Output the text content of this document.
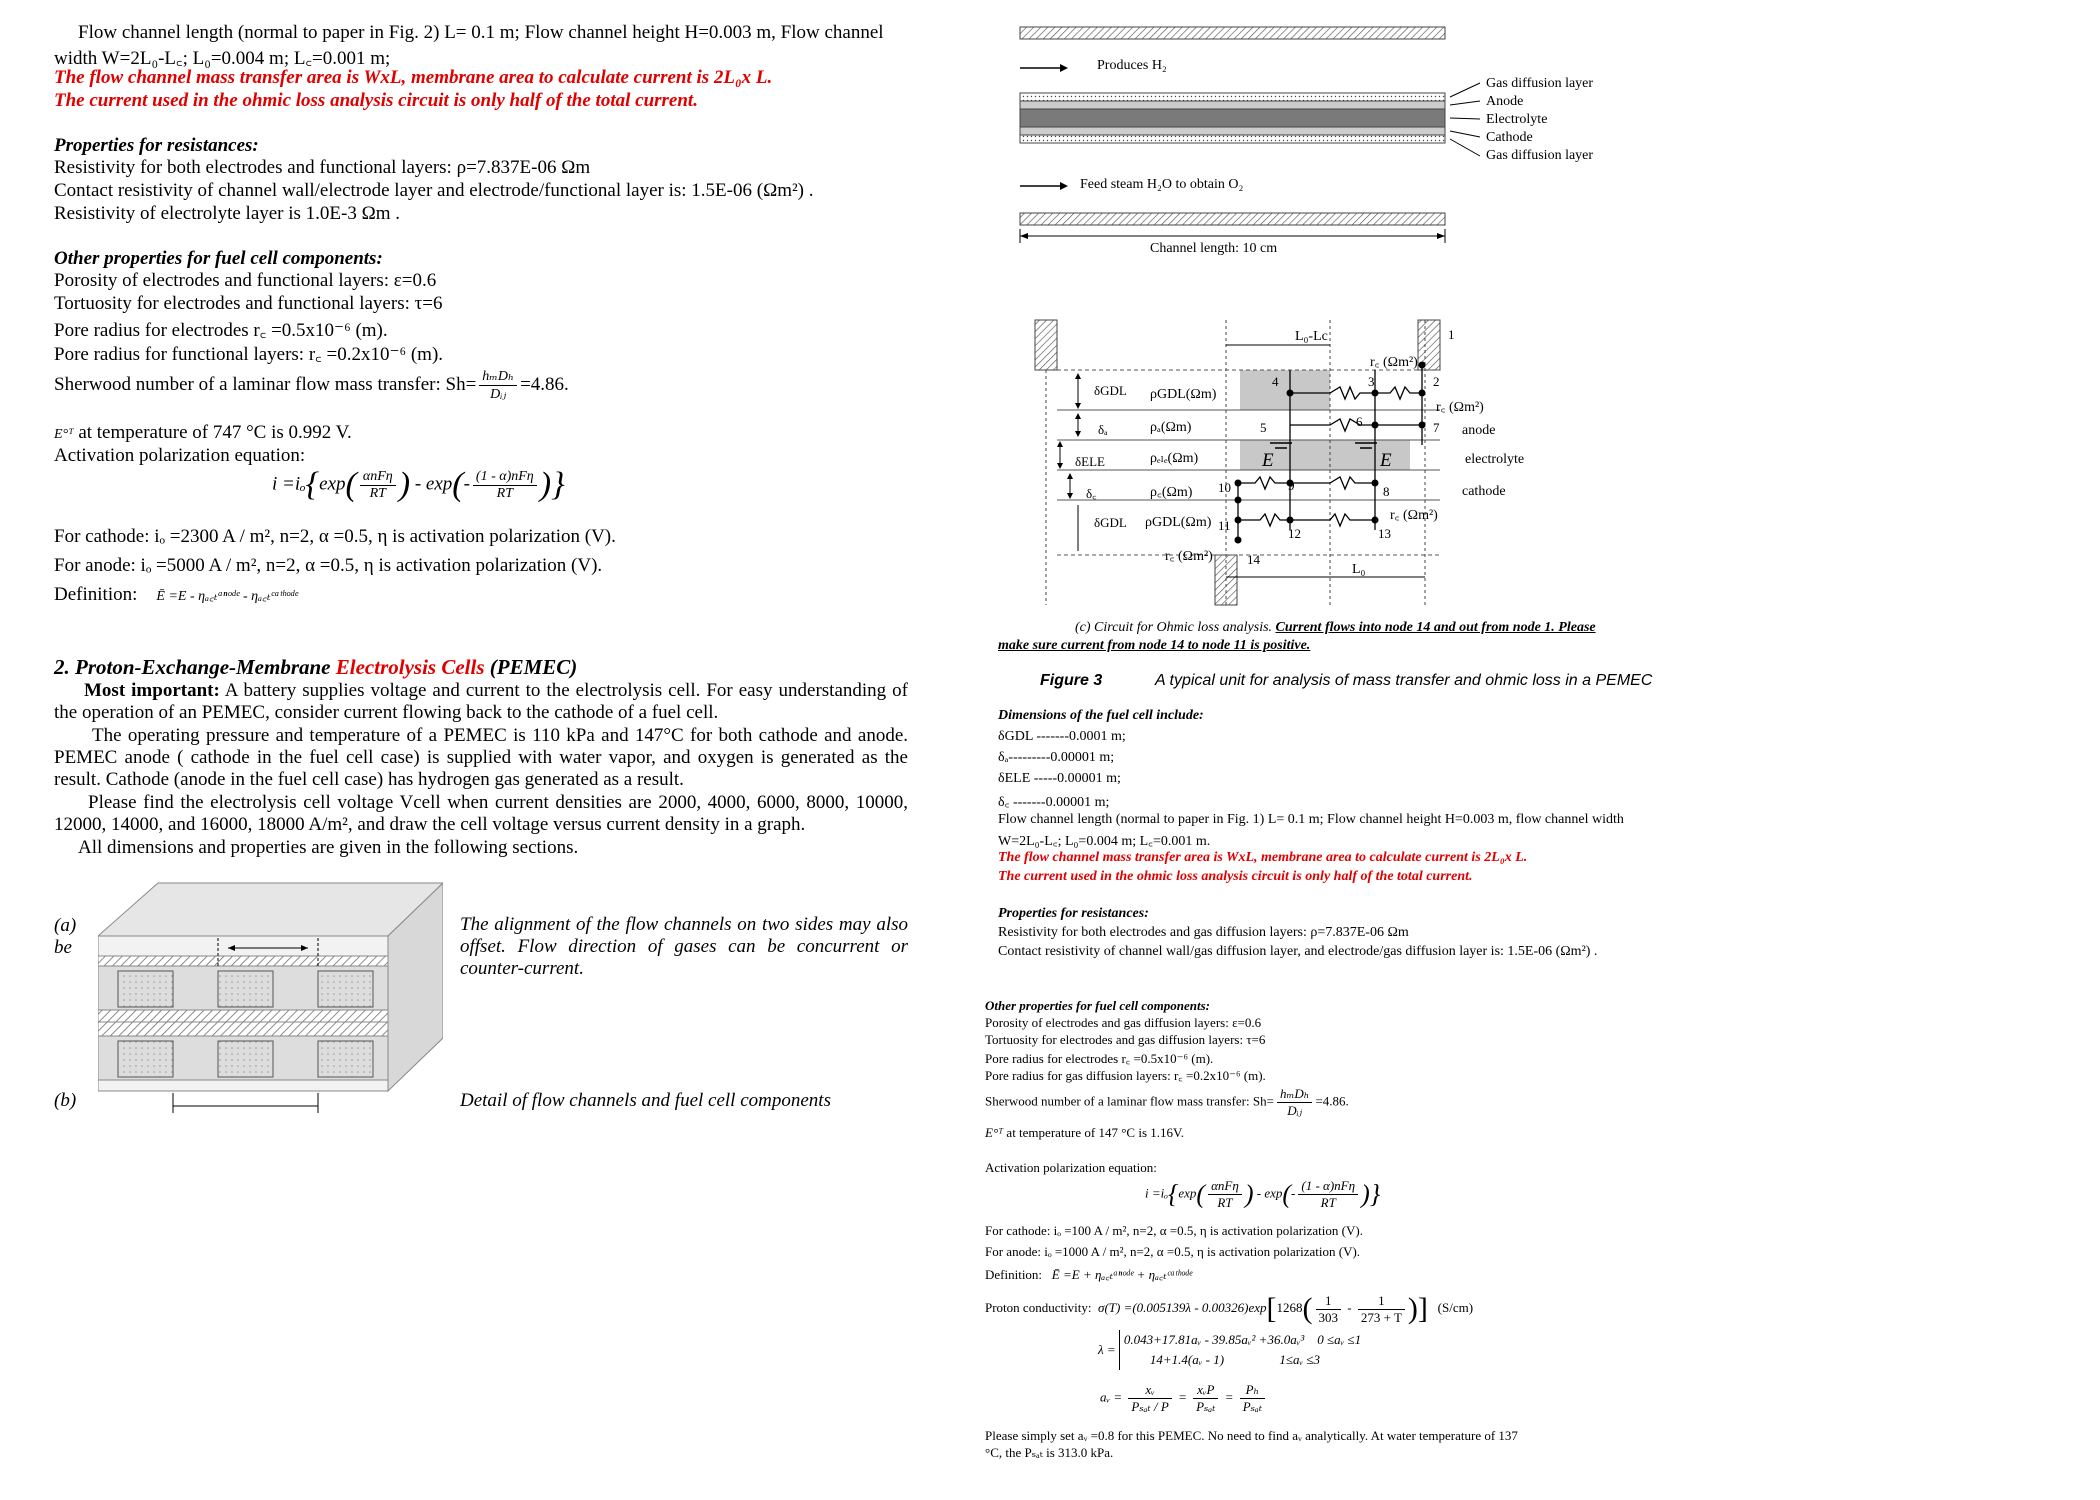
Flow channel length (normal to paper in Fig. 2) L= 0.1 m; Flow channel height H=0.003 m, Flow channel
width W=2L₀-L꜀; L₀=0.004 m; L꜀=0.001 m;
The flow channel mass transfer area is WxL, membrane area to calculate current is 2L₀x L.
The current used in the ohmic loss analysis circuit is only half of the total current.
Properties for resistances:
Resistivity for both electrodes and functional layers: ρ=7.837E-06 Ωm
Contact resistivity of channel wall/electrode layer and electrode/functional layer is: 1.5E-06 (Ωm²) .
Resistivity of electrolyte layer is 1.0E-3 Ωm .
Other properties for fuel cell components:
Porosity of electrodes and functional layers: ε=0.6
Tortuosity for electrodes and functional layers: τ=6
Pore radius for electrodes r꜀ =0.5x10⁻⁶ (m).
Pore radius for functional layers: r꜀ =0.2x10⁻⁶ (m).
Sherwood number of a laminar flow mass transfer: $Sh= \frac{\text{hₘDₕ}}{\text{Dᵢⱼ}} =4.86$.
E°ᵀ at temperature of 747 °C is 0.992 V.
Activation polarization equation:
$i =i_o\{\exp( \frac{\text{αnFη}}{RT}$ ) - $\exp(- \frac{\text{(1 - α)nFη}}{RT}$ )}
For cathode: iₒ =2300 A / m², n=2, α =0.5, η is activation polarization (V).
For anode: iₒ =5000 A / m², n=2, α =0.5, η is activation polarization (V).
Definition: Ē =E - ηₐ꜀ₜᵃⁿᵒᵈᵉ - ηₐ꜀ₜᶜᵃᵗʰᵒᵈᵉ
2. Proton-Exchange-Membrane Electrolysis Cells (PEMEC)
Most important: A battery supplies voltage and current to the electrolysis cell. For easy understanding of the operation of an PEMEC, consider current flowing back to the cathode of a fuel cell.
The operating pressure and temperature of a PEMEC is 110 kPa and 147°C for both cathode and anode. PEMEC anode ( cathode in the fuel cell case) is supplied with water vapor, and oxygen is generated as the result. Cathode (anode in the fuel cell case) has hydrogen gas generated as a result.
Please find the electrolysis cell voltage Vcell when current densities are 2000, 4000, 6000, 8000, 10000, 12000, 14000, and 16000, 18000 A/m², and draw the cell voltage versus current density in a graph.
All dimensions and properties are given in the following sections.
(a)
be
The alignment of the flow channels on two sides may also offset. Flow direction of gases can be concurrent or counter-current.
(b)	Detail of flow channels and fuel cell components
Produces H₂
Feed steam H₂O to obtain O₂
Channel length: 10 cm
Gas diffusion layer
Anode
Electrolyte
Cathode
Gas diffusion layer
L₀-Lc
r꜀ (Ωm²)
r꜀ (Ωm²)
r꜀ (Ωm²)
r꜀ (Ωm²)
δGDL
δₐ
δELE
δ꜀
δGDL
ρGDL(Ωm)
ρₐ(Ωm)
ρₑₗₑ(Ωm)
ρ꜀(Ωm)
ρGDL(Ωm)
anode
electrolyte
cathode
L₀
E	E
1
2
3
4
5	6	7
8
9
10
11
12	13
14
(c) Circuit for Ohmic loss analysis. Current flows into node 14 and out from node 1. Please
make sure current from node 14 to node 11 is positive.
Figure 3	A typical unit for analysis of mass transfer and ohmic loss in a PEMEC
Dimensions of the fuel cell include:
δGDL -------0.0001 m;
δₐ---------0.00001 m;
δELE -----0.00001 m;
δ꜀ -------0.00001 m;
Flow channel length (normal to paper in Fig. 1) L= 0.1 m; Flow channel height H=0.003 m, flow channel width
W=2L₀-L꜀; L₀=0.004 m; L꜀=0.001 m.
The flow channel mass transfer area is WxL, membrane area to calculate current is 2L₀x L.
The current used in the ohmic loss analysis circuit is only half of the total current.
Properties for resistances:
Resistivity for both electrodes and gas diffusion layers: ρ=7.837E-06 Ωm
Contact resistivity of channel wall/gas diffusion layer, and electrode/gas diffusion layer is: 1.5E-06 (Ωm²) .
Other properties for fuel cell components:
Porosity of electrodes and gas diffusion layers: ε=0.6
Tortuosity for electrodes and gas diffusion layers: τ=6
Pore radius for electrodes r꜀ =0.5x10⁻⁶ (m).
Pore radius for gas diffusion layers: r꜀ =0.2x10⁻⁶ (m).
Sherwood number of a laminar flow mass transfer: $Sh= \frac{\text{hₘDₕ}}{\text{Dᵢⱼ}} =4.86$.
E°ᵀ at temperature of 147 °C is 1.16V.
Activation polarization equation:
$i =i_o\{\exp( \frac{\text{αnFη}}{RT}$ ) - $\exp(- \frac{\text{(1 - α)nFη}}{RT}$ )}
For cathode: iₒ =100 A / m², n=2, α =0.5, η is activation polarization (V).
For anode: iₒ =1000 A / m², n=2, α =0.5, η is activation polarization (V).
Definition: Ē =E + ηₐ꜀ₜᵃⁿᵒᵈᵉ + ηₐ꜀ₜᶜᵃᵗʰᵒᵈᵉ
Proton conductivity: $\sigma(T) =(0.005139\lambda - 0.00326)\exp[1268( \frac{1}{303} - \frac{1}{273 + T}$ )] (S/cm)
λ = 0.043+17.81aᵥ - 39.85aᵥ² +36.0aᵥ³ 0 ≤aᵥ ≤1
14+1.4(aᵥ - 1)	1≤aᵥ ≤3
aᵥ = $\frac{\text{xᵥ}}{\text{Pₛₐₜ / P}} = \frac{\text{xᵥP}}{\text{Pₛₐₜ}} = \frac{\text{Pₕ}}{\text{Pₛₐₜ}}$
Please simply set aᵥ =0.8 for this PEMEC. No need to find aᵥ analytically. At water temperature of 137
°C, the Pₛₐₜ is 313.0 kPa.
